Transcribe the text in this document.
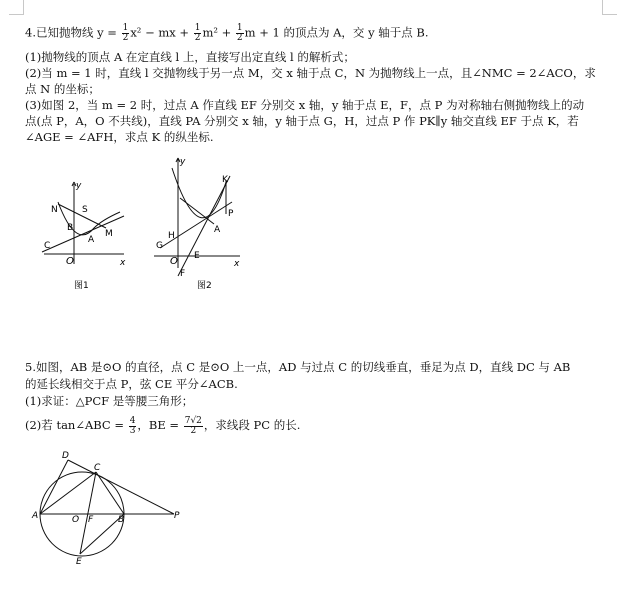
4.已知抛物线 $y = \frac{1}{2} x^2$ − mx + $\frac{1}{2} m^2 + \frac{1}{2}$ m + 1 的顶点为 A，交 y 轴于点 B.
(1)抛物线的顶点 A 在定直线 l 上，直接写出定直线 l 的解析式；
(2)当 m = 1 时，直线 l 交抛物线于另一点 M，交 x 轴于点 C，N 为抛物线上一点，且∠NMC = 2∠ACO，求
点 N 的坐标；
(3)如图 2，当 m = 2 时，过点 A 作直线 EF 分别交 x 轴，y 轴于点 E，F，点 P 为对称轴右侧抛物线上的动
点(点 P，A，O 不共线)，直线 PA 分别交 x 轴，y 轴于点 G，H，过点 P 作 PK∥y 轴交直线 EF 于点 K，若
∠AGE = ∠AFH，求点 K 的纵坐标.
y
x
N	S
B
A
M
C
O
图1
y
x
K
P
A
H
G
O E
F
图2
5.如图，AB 是⊙O 的直径，点 C 是⊙O 上一点，AD 与过点 C 的切线垂直，垂足为点 D，直线 DC 与 AB
的延长线相交于点 P，弦 CE 平分∠ACB.
(1)求证：△PCF 是等腰三角形；
(2)若 tan∠ABC = $\frac{4}{3}$ ，BE = $\frac{7√2}{2}$ ，求线段 PC 的长.
D
C
A	O F	B	P
E
